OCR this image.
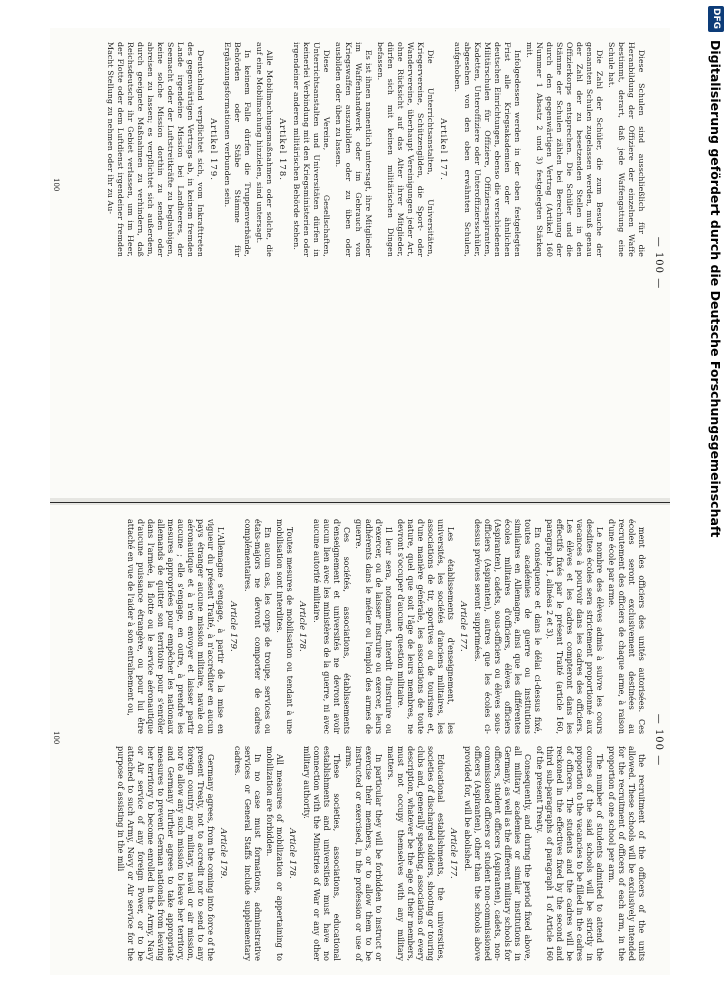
— 100 —

Diese Schulen sind ausschließlich für die Heranbildung der Offiziere der einzelnen Waffe bestimmt, derart, daß jede Waffengattung eine Schule hat.

Die Zahl der Schüler, die zum Besuche der genannten Schulen zugelassen werden, muß genau der Zahl der zu besetzenden Stellen in den Offizierkorps entsprechen. Die Schüler und die Stämme der Schulen zählen bei Berechnung der durch den gegenwärtigen Vertrag (Artikel 160 Nummer 1 Absatz 2 und 3) festgelegten Stärken mit.

Infolgedessen werden in der oben festgelegten Frist alle Kriegsakademien oder ähnlichen deutschen Einrichtungen, ebenso die verschiedenen Militärschulen für Offiziere, Offiziersaspiranten, Kadetten, Unteroffiziere oder Unteroffiziersschüler, abgesehen von den oben erwähnten Schulen, aufgehoben.

Artikel 177.

Die Unterrichtsanstalten, Universitäten, Kriegervereine, Schützengilden, die Sport- oder Wandervereine, überhaupt Vereinigungen jeder Art, ohne Rücksicht auf das Alter ihrer Mitglieder, dürfen sich mit keinen militärischen Dingen befassen.

Es ist ihnen namentlich untersagt, ihre Mitglieder im Waffenhandwerk oder im Gebrauch von Kriegswaffen auszubilden oder zu üben oder ausbilden oder üben zu lassen.

Diese Vereine, Gesellschaften, Unterrichtsanstalten und Universitäten dürfen in keinerlei Verbindung mit den Kriegsministerien oder irgendeiner anderen militärischen Behörde stehen.

Artikel 178.

Alle Mobilmachungsmaßnahmen oder solche, die auf eine Mobilmachung hinzielen, sind untersagt.

In keinem Falle dürfen die Truppenverbände, Behörden oder Stäbe Stämme für Ergänzungsformationen verbunden sein.

Artikel 179.

Deutschland verpflichtet sich, vom Inkrafttreten des gegenwärtigen Vertrags ab, in keinem fremden Lande irgendeine Mission bei Landheeres, der Seemacht oder der Luftstreitkräfte zu beglaubigen, keine solche Mission dorthin zu senden oder abreisen zu lassen; es verpflichtet sich außerdem, durch geeignete Maßnahmen zu verhindern, daß Reichsdeutsche ihr Gebiet verlassen, um im Heer, der Flotte oder dem Luftdienst irgendeiner fremden Macht Stellung zu nehmen oder ihr zu Au-

100
— 100 —

ment des officiers des unités autorisées. Ces écoles seront exclusivement destinées au recrutement des officiers de chaque arme, à raison d'une école par arme.

Le nombre des élèves admis à suivre les cours desdites écoles sera strictement proportionné aux vacances à pourvoir dans les cadres des officiers. Les élèves et les cadres compteront dans les effectifs fixés par le présent Traité (article 160, paragraphe 1, alinéas 2 et 3).

En conséquence et dans le délai ci-dessus fixé, toutes académies de guerre ou institutions similaires en Allemagne, ainsi que les différentes écoles militaires d'officiers, élèves officiers (Aspiranten), cadets, sous-officiers ou élèves sous-officiers (Aspiranten), autres que les écoles ci-dessus prévues seront supprimées.

Article 177.

Les établissements d'enseignement, les universités, les sociétés d'anciens militaires, les associations de tir, sportives ou de tourisme et, d'une manière générale, les associations de toute nature, quel que soit l'âge de leurs membres, ne devront s'occuper d'aucune question militaire.

Il leur sera, notamment, interdit d'instruire ou d'exercer, ou de laisser instruire ou exercer, leurs adhérents dans le métier ou l'emploi des armes de guerre.

Ces sociétés, associations, établissements d'enseignement et universités ne devront avoir aucun lien avec les ministères de la guerre, ni avec aucune autorité militaire.

Article 178.

Toutes mesures de mobilisation ou tendant à une mobilisation sont interdites.

En aucun cas, les corps de troupe, services ou états-majors ne devront comporter de cadres complémentaires.

Article 179.

L'Allemagne s'engage, à partir de la mise en vigueur du présent Traité, à n'accréditer en aucun pays étranger aucune mission militaire, navale ou aéronautique et à n'en envoyer et laisser partir aucune ; elle s'engage, en outre, à prendre les mesures appropriées pour empêcher les nationaux allemands de quitter son territoire pour s'enrôler dans l'armée, la flotte ou le service aéronautique d'aucune puissance étrangère, ou pour lui être attaché en vue de l'aider à son entraînement ou,

the recruitment of the officers of the units allowed. These schools will be exclusively intended for the recruitment of officers of each arm, in the proportion of one school per arm.

The number of students admitted to attend the courses of the said schools will be strictly in proportion to the vacancies to be filled in the cadres of officers. The students and the cadres will be reckoned in the effectives fixed by the second and third sub-paragraphs of paragraph 1 of Article 160 of the present Treaty.

Consequently, and during the period fixed above, all military academies or similar institutions in Germany, as well as the different military schools for officers, student officers (Aspiranten), cadets, non-commissioned officers or student non-commissioned officers (Aspiranten), other than the schools above provided for, will be abolished.

Article 177.

Educational establishments, the universities, societies of discharged soldiers, shooting or touring clubs and, generally speaking, associations of every description, whatever be the age of their members, must not occupy themselves with any military matters.

In particular they will be forbidden to instruct or exercise their members, or to allow them to be instructed or exercised, in the profession or use of arms.

These societies, associations, educational establishments and universities must have no connection with the Ministries of War or any other military authority.

Article 178.

All measures of mobilization or appertaining to mobilization are forbidden.

In no case must formations, administrative services or General Staffs include supplementary cadres.

Article 179.

Germany agrees, from the coming into force of the present Treaty, not to accredit nor to send to any foreign country any military, naval or air mission, nor to allow any such mission to leave her territory, and Germany further agrees to take appropriate measures to prevent German nationals from leaving her territory to become enrolled in the Army, Navy or Air service of any foreign Power, or to be attached to such Army, Navy or Air service for the purpose of assisting in the mili

100
DFG
Digitalisierung gefördert durch die Deutsche Forschungsgemeinschaft
